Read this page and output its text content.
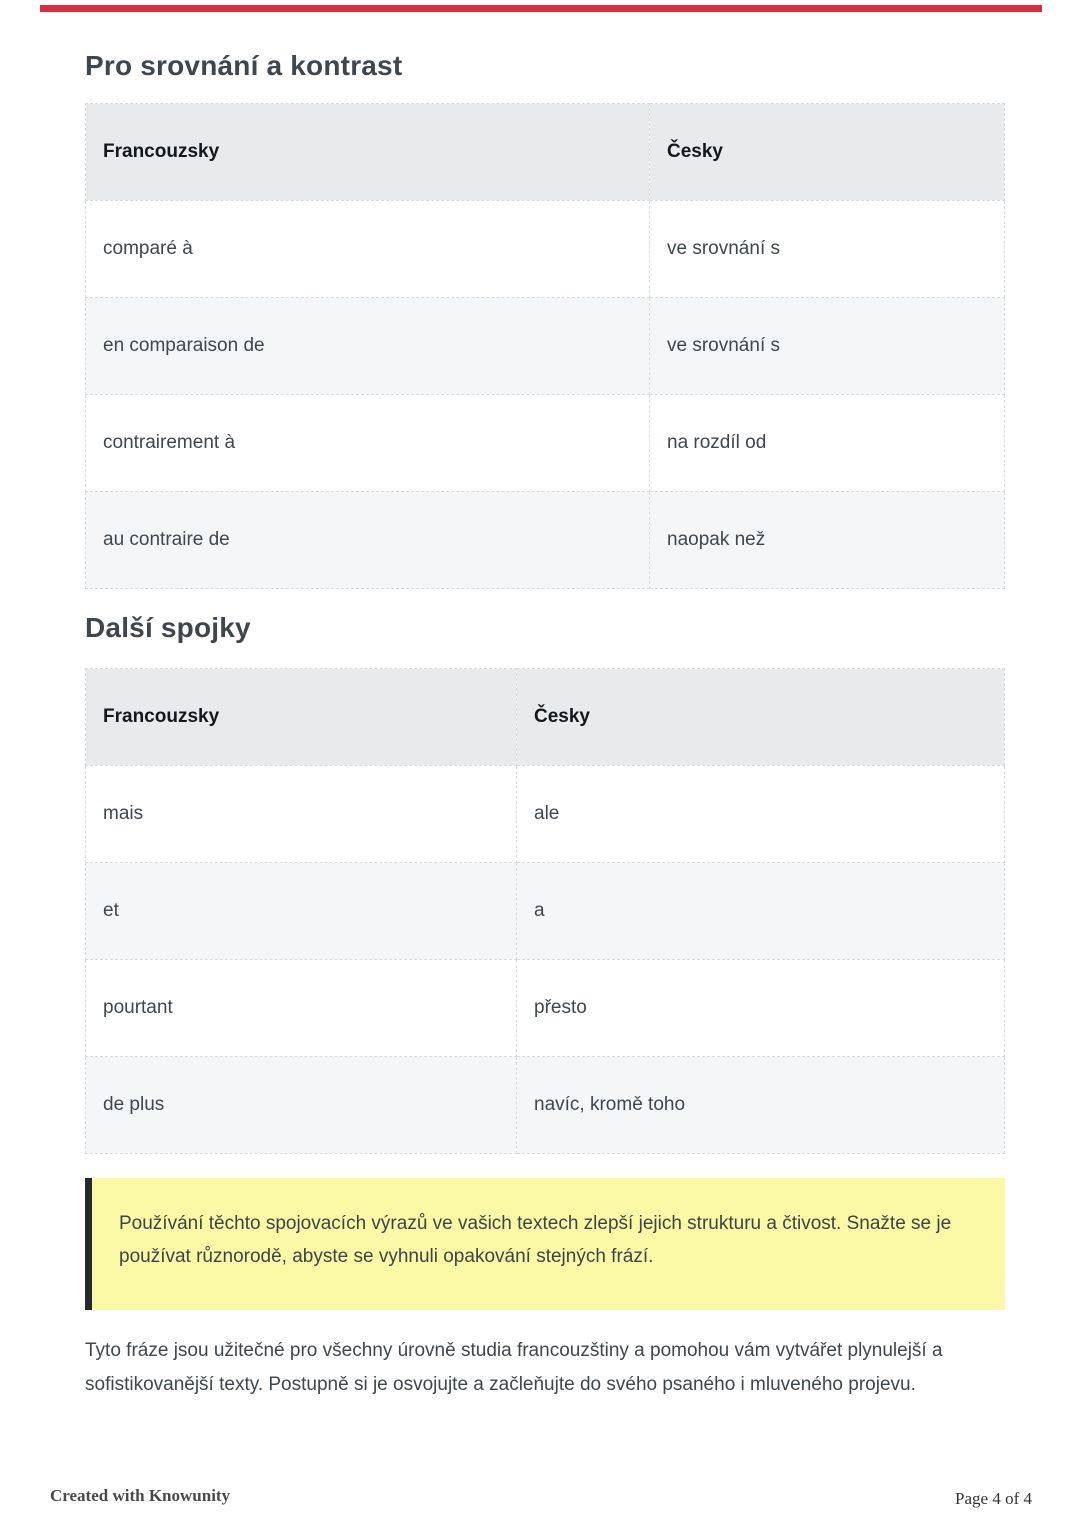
Pro srovnání a kontrast
Francouzsky	Česky
comparé à	ve srovnání s
en comparaison de	ve srovnání s
contrairement à	na rozdíl od
au contraire de	naopak než
Další spojky
Francouzsky	Česky
mais	ale
et	a
pourtant	přesto
de plus	navíc, kromě toho

Používání těchto spojovacích výrazů ve vašich textech zlepší jejich strukturu a čtivost. Snažte se je používat různorodě, abyste se vyhnuli opakování stejných frází.

Tyto fráze jsou užitečné pro všechny úrovně studia francouzštiny a pomohou vám vytvářet plynulejší a sofistikovanější texty. Postupně si je osvojujte a začleňujte do svého psaného i mluveného projevu.

Created with Knowunity	Page 4 of 4
